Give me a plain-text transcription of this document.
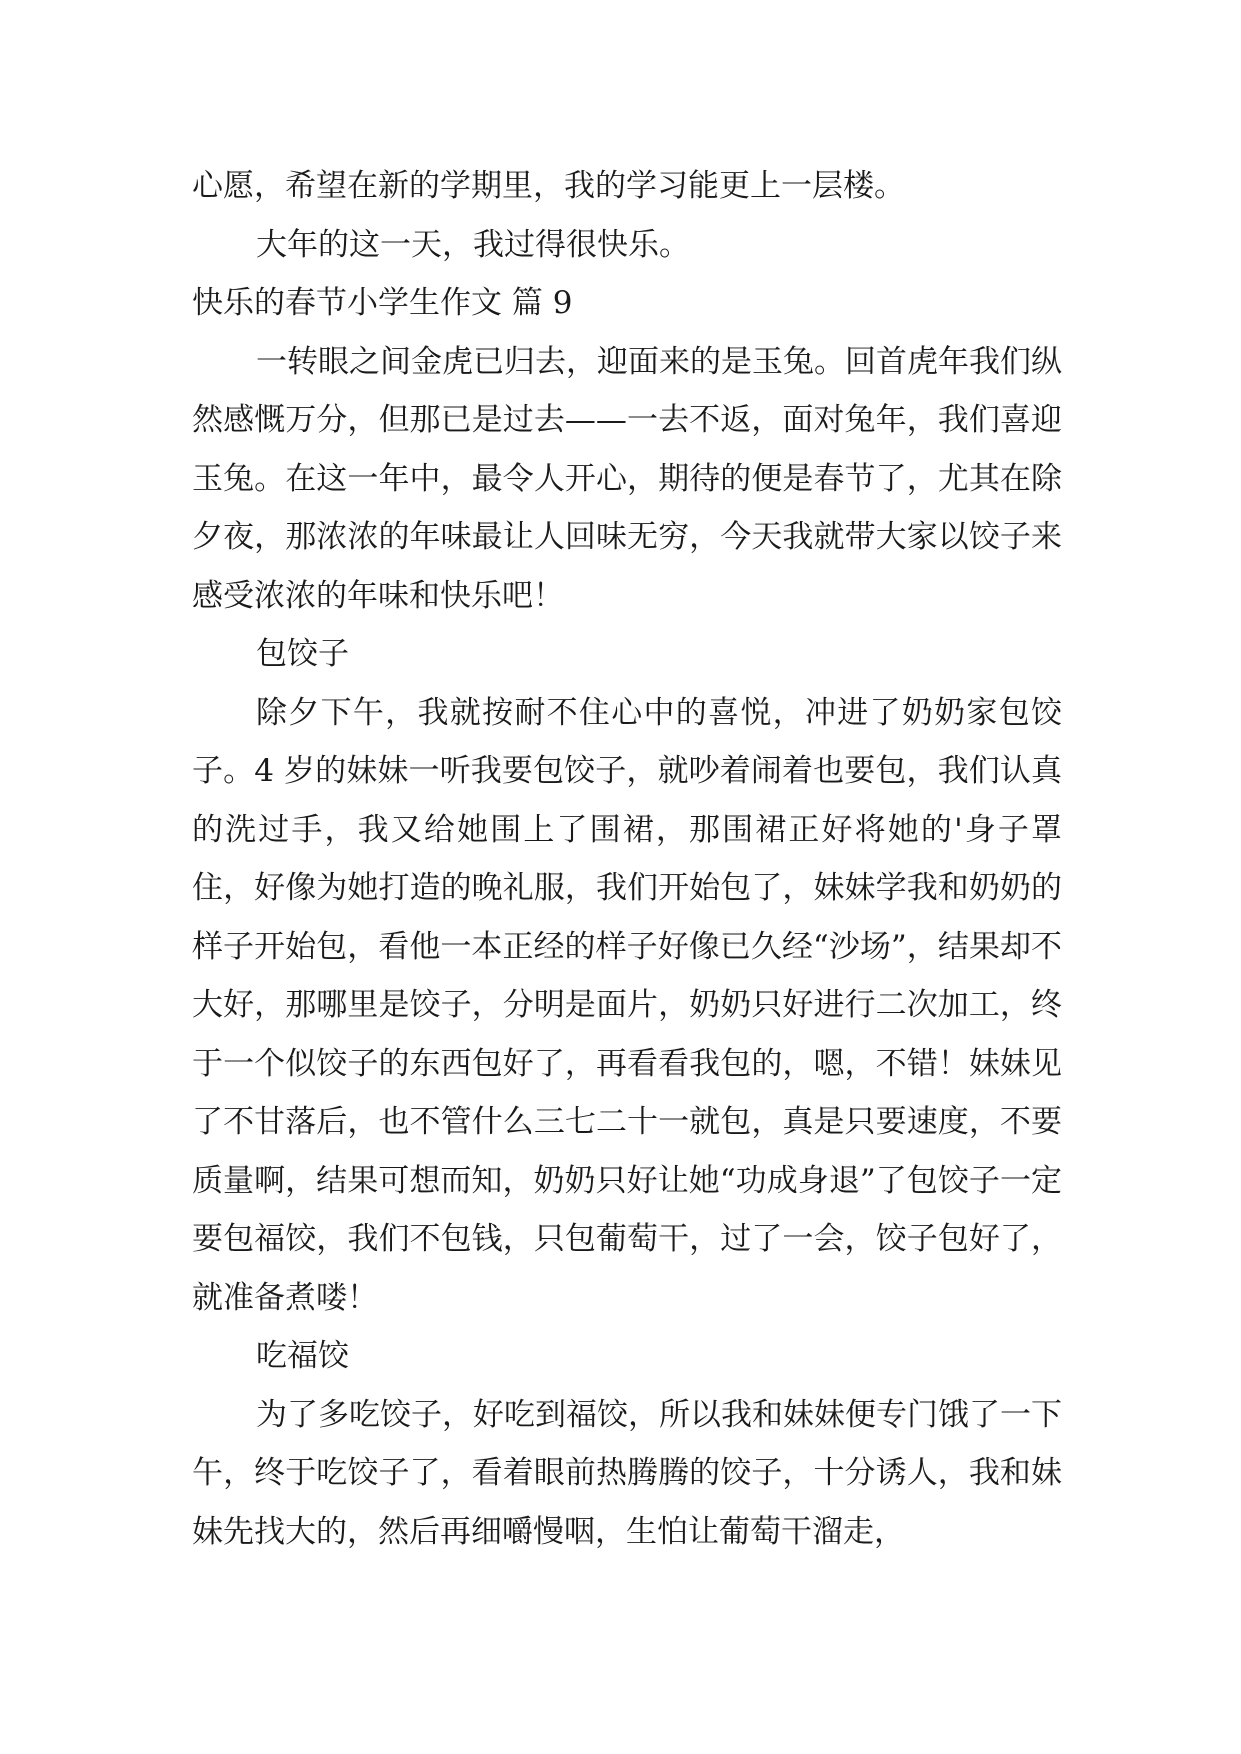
心愿，希望在新的学期里，我的学习能更上一层楼。

大年的这一天，我过得很快乐。

快乐的春节小学生作文 篇 9

一转眼之间金虎已归去，迎面来的是玉兔。回首虎年我们纵然感慨万分，但那已是过去——一去不返，面对兔年，我们喜迎玉兔。在这一年中，最令人开心，期待的便是春节了，尤其在除夕夜，那浓浓的年味最让人回味无穷，今天我就带大家以饺子来感受浓浓的年味和快乐吧！

包饺子

除夕下午，我就按耐不住心中的喜悦，冲进了奶奶家包饺子。4 岁的妹妹一听我要包饺子，就吵着闹着也要包，我们认真的洗过手，我又给她围上了围裙，那围裙正好将她的'身子罩住，好像为她打造的晚礼服，我们开始包了，妹妹学我和奶奶的样子开始包，看他一本正经的样子好像已久经“沙场”，结果却不大好，那哪里是饺子，分明是面片，奶奶只好进行二次加工，终于一个似饺子的东西包好了，再看看我包的，嗯，不错！妹妹见了不甘落后，也不管什么三七二十一就包，真是只要速度，不要质量啊，结果可想而知，奶奶只好让她“功成身退”了包饺子一定要包福饺，我们不包钱，只包葡萄干，过了一会，饺子包好了，就准备煮喽！

吃福饺

为了多吃饺子，好吃到福饺，所以我和妹妹便专门饿了一下午，终于吃饺子了，看着眼前热腾腾的饺子，十分诱人，我和妹妹先找大的，然后再细嚼慢咽，生怕让葡萄干溜走，
